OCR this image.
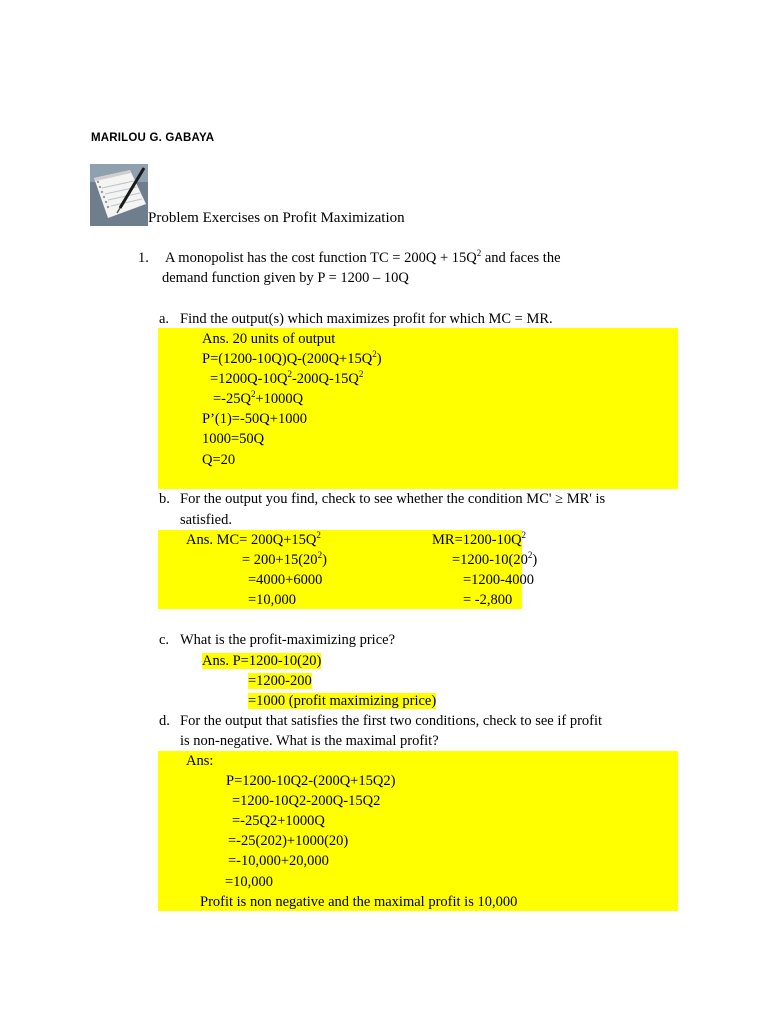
MARILOU G. GABAYA
Problem Exercises on Profit Maximization
1. A monopolist has the cost function TC = $200Q + 15Q^2$ and faces the
demand function given by P = 1200 – 10Q
a. Find the output(s) which maximizes profit for which MC = MR.
Ans. 20 units of output
$P=(1200-10Q)Q-(200Q+15Q^2)$
$=1200Q-10Q^2-200Q-15Q^2$
$=-25Q^2+1000Q$
P’(1)=-50Q+1000
1000=50Q
Q=20
b. For the output you find, check to see whether the condition MC' ≥ MR' is
satisfied.
Ans. $MC= 200Q+15Q^2$
= $200+15(20^2)$
=4000+6000
=10,000
$MR=1200-10Q^2$
$=1200-10(20^2)$
=1200-4000
= -2,800
c. What is the profit-maximizing price?
Ans. P=1200-10(20)
=1200-200
=1000 (profit maximizing price)
d. For the output that satisfies the first two conditions, check to see if profit
is non-negative. What is the maximal profit?
Ans:
P=1200-10Q2-(200Q+15Q2)
=1200-10Q2-200Q-15Q2
=-25Q2+1000Q
=-25(202)+1000(20)
=-10,000+20,000
=10,000
Profit is non negative and the maximal profit is 10,000
